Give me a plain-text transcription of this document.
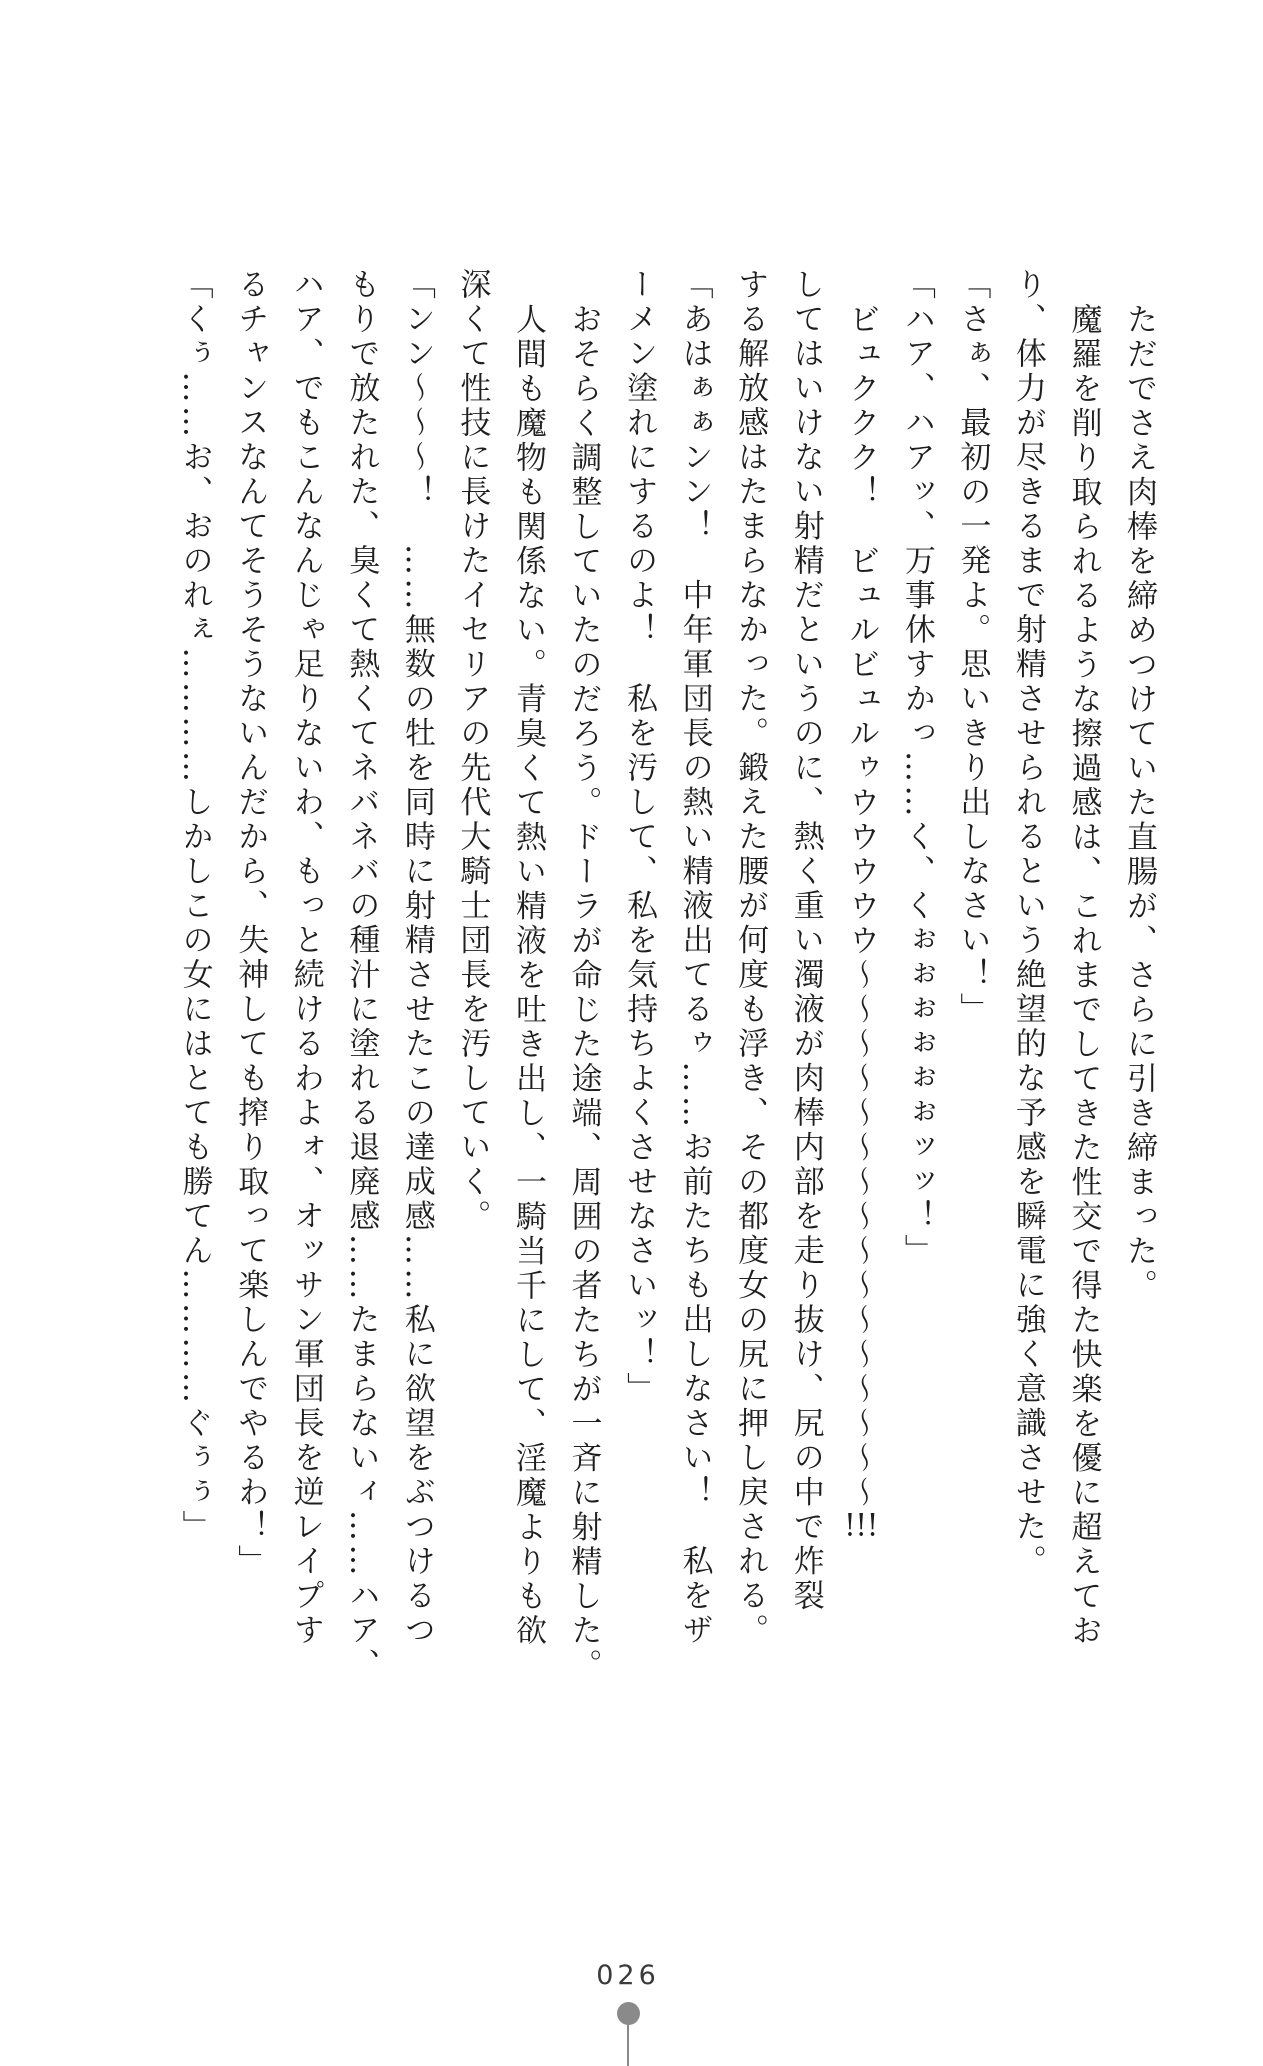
ただでさえ肉棒を締めつけていた直腸が、さらに引き締まった。
魔羅を削り取られるような擦過感は、これまでしてきた性交で得た快楽を優に超えてお
り、体力が尽きるまで射精させられるという絶望的な予感を瞬電に強く意識させた。
「さぁ、最初の一発よ。思いきり出しなさい！」
「ハア、ハアッ、万事休すかっ……く、くぉぉぉぉぉぉッッ！」
ビュククク！　ビュルビュルゥウウウウウ〜〜〜〜〜〜〜〜〜〜〜〜〜〜〜〜!!!
してはいけない射精だというのに、熱く重い濁液が肉棒内部を走り抜け、尻の中で炸裂
する解放感はたまらなかった。鍛えた腰が何度も浮き、その都度女の尻に押し戻される。
「あはぁぁンン！　中年軍団長の熱い精液出てるゥ……お前たちも出しなさい！　私をザ
ーメン塗れにするのよ！　私を汚して、私を気持ちよくさせなさいッ！」
おそらく調整していたのだろう。ドーラが命じた途端、周囲の者たちが一斉に射精した。
人間も魔物も関係ない。青臭くて熱い精液を吐き出し、一騎当千にして、淫魔よりも欲
深くて性技に長けたイセリアの先代大騎士団長を汚していく。
「ンン〜〜〜！　……無数の牡を同時に射精させたこの達成感……私に欲望をぶつけるつ
もりで放たれた、臭くて熱くてネバネバの種汁に塗れる退廃感……たまらないィ……ハア、
ハア、でもこんなんじゃ足りないわ、もっと続けるわよォ、オッサン軍団長を逆レイプす
るチャンスなんてそうそうないんだから、失神しても搾り取って楽しんでやるわ！」
「くぅ……お、おのれぇ…………しかしこの女にはとても勝てん…………ぐぅぅ」
026
